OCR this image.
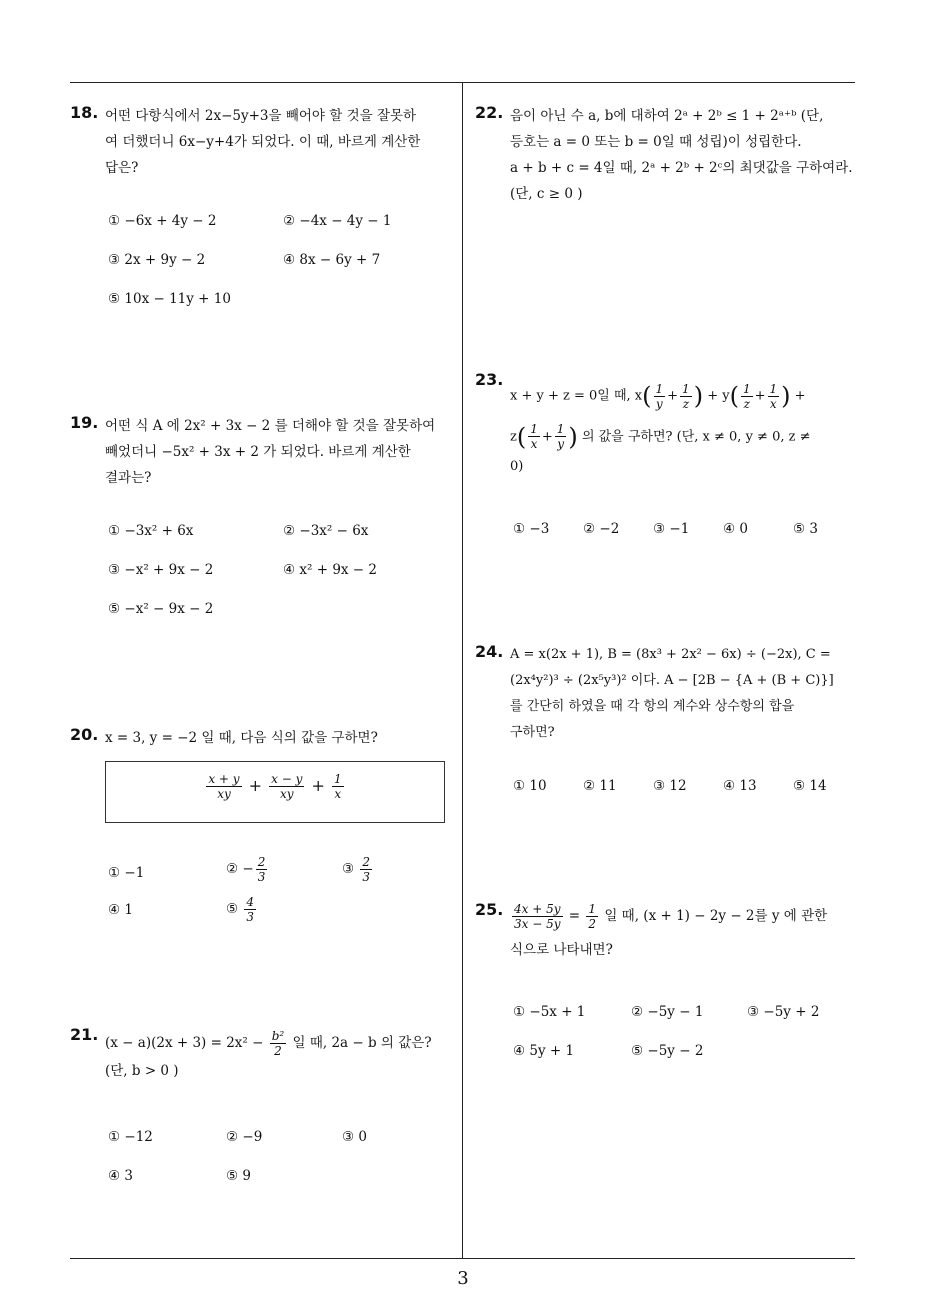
18. 어떤 다항식에서 2x−5y+3을 빼어야 할 것을 잘못하
여 더했더니 6x−y+4가 되었다. 이 때, 바르게 계산한
답은?
① −6x + 4y − 2	② −4x − 4y − 1
③ 2x + 9y − 2	④ 8x − 6y + 7
⑤ 10x − 11y + 10
19. 어떤 식 A 에 2x² + 3x − 2 를 더해야 할 것을 잘못하여
빼었더니 −5x² + 3x + 2 가 되었다. 바르게 계산한
결과는?
① −3x² + 6x	② −3x² − 6x
③ −x² + 9x − 2	④ x² + 9x − 2
⑤ −x² − 9x − 2
20. x = 3, y = −2 일 때, 다음 식의 값을 구하면?
$\frac{x + y}{xy} + \frac{x - y}{xy} + \frac{1}{x}$
① −1	② − $\frac{2}{3}$	③ $\frac{2}{3}$
④ 1	⑤ $\frac{4}{3}$
21. $(x - a)(2x + 3) = 2x^2 - \frac{\text{b²}}{2}$ 일 때, 2a − b 의 값은?
(단, b > 0 )
① −12	② −9	③ 0
④ 3	⑤ 9
22. 음이 아닌 수 a, b에 대하여 2ᵃ + 2ᵇ ≤ 1 + 2ᵃ⁺ᵇ (단,
등호는 a = 0 또는 b = 0일 때 성립)이 성립한다.
a + b + c = 4일 때, 2ᵃ + 2ᵇ + 2ᶜ의 최댓값을 구하여라.
(단, c ≥ 0 )
23.
x + y + z = 0일 때, $x( \frac{1}{y} + \frac{1}{z}$ ) + $y( \frac{1}{z} + \frac{1}{x}$ ) +
$z( \frac{1}{x} + \frac{1}{y}$ ) 의 값을 구하면? (단, x ≠ 0, y ≠ 0, z ≠
0)
① −3 ② −2 ③ −1 ④ 0	⑤ 3
24. A = x(2x + 1), B = (8x³ + 2x² − 6x) ÷ (−2x), C =
(2x⁴y²)³ ÷ (2x⁵y³)² 이다. A − [2B − {A + (B + C)}]
를 간단히 하였을 때 각 항의 계수와 상수항의 합을
구하면?
① 10	② 11	③ 12	④ 13	⑤ 14
25. $\frac{4x + 5y}{3x - 5y} = \frac{1}{2}$ 일 때, (x + 1) − 2y − 2를 y 에 관한
식으로 나타내면?
① −5x + 1	② −5y − 1	③ −5y + 2
④ 5y + 1	⑤ −5y − 2
3
